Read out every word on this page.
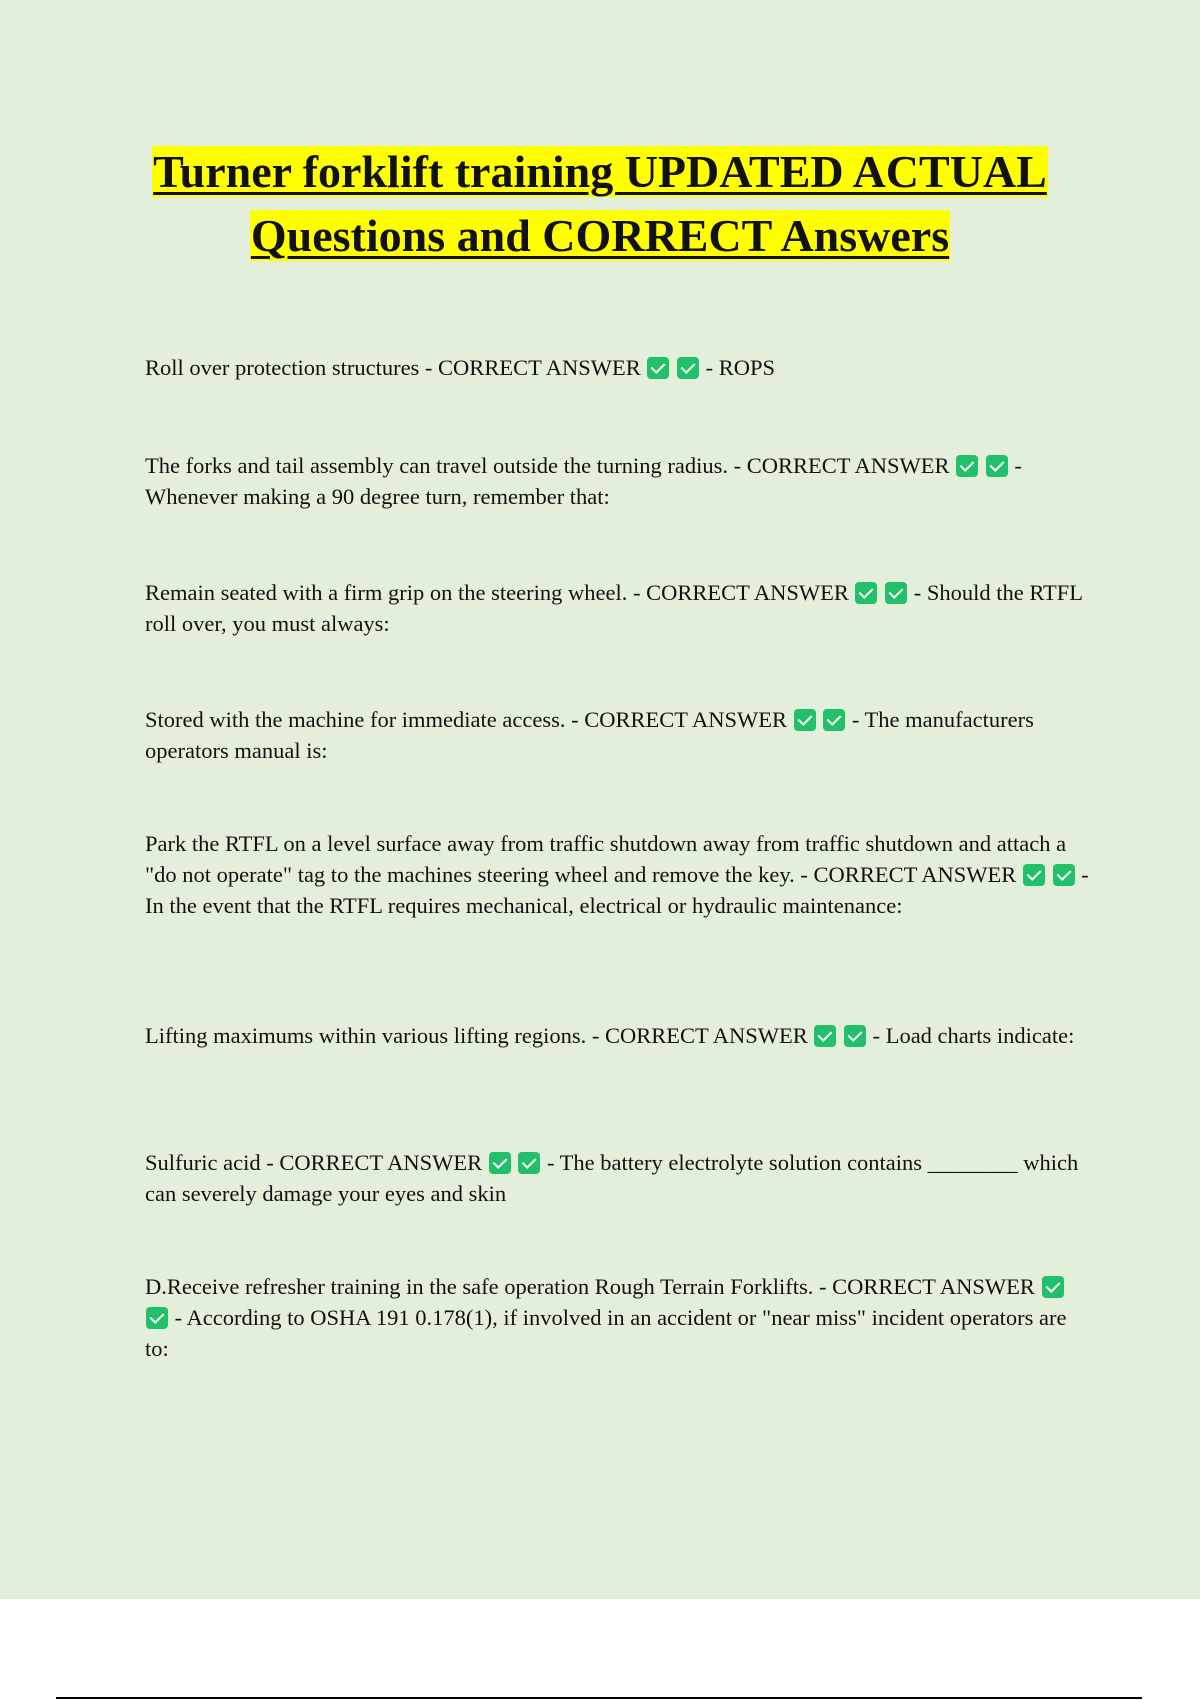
Turner forklift training UPDATED ACTUAL Questions and CORRECT Answers

Roll over protection structures - CORRECT ANSWER	- ROPS

The forks and tail assembly can travel outside the turning radius. - CORRECT ANSWER	- Whenever making a 90 degree turn, remember that:

Remain seated with a firm grip on the steering wheel. - CORRECT ANSWER	- Should the RTFL roll over, you must always:

Stored with the machine for immediate access. - CORRECT ANSWER	- The manufacturers operators manual is:

Park the RTFL on a level surface away from traffic shutdown away from traffic shutdown and attach a "do not operate" tag to the machines steering wheel and remove the key. - CORRECT ANSWER	- In the event that the RTFL requires mechanical, electrical or hydraulic maintenance:

Lifting maximums within various lifting regions. - CORRECT ANSWER	- Load charts indicate:

Sulfuric acid - CORRECT ANSWER	- The battery electrolyte solution contains ________ which can severely damage your eyes and skin

D.Receive refresher training in the safe operation Rough Terrain Forklifts. - CORRECT ANSWER   - According to OSHA 191 0.178(1), if involved in an accident or "near miss" incident operators are to:
